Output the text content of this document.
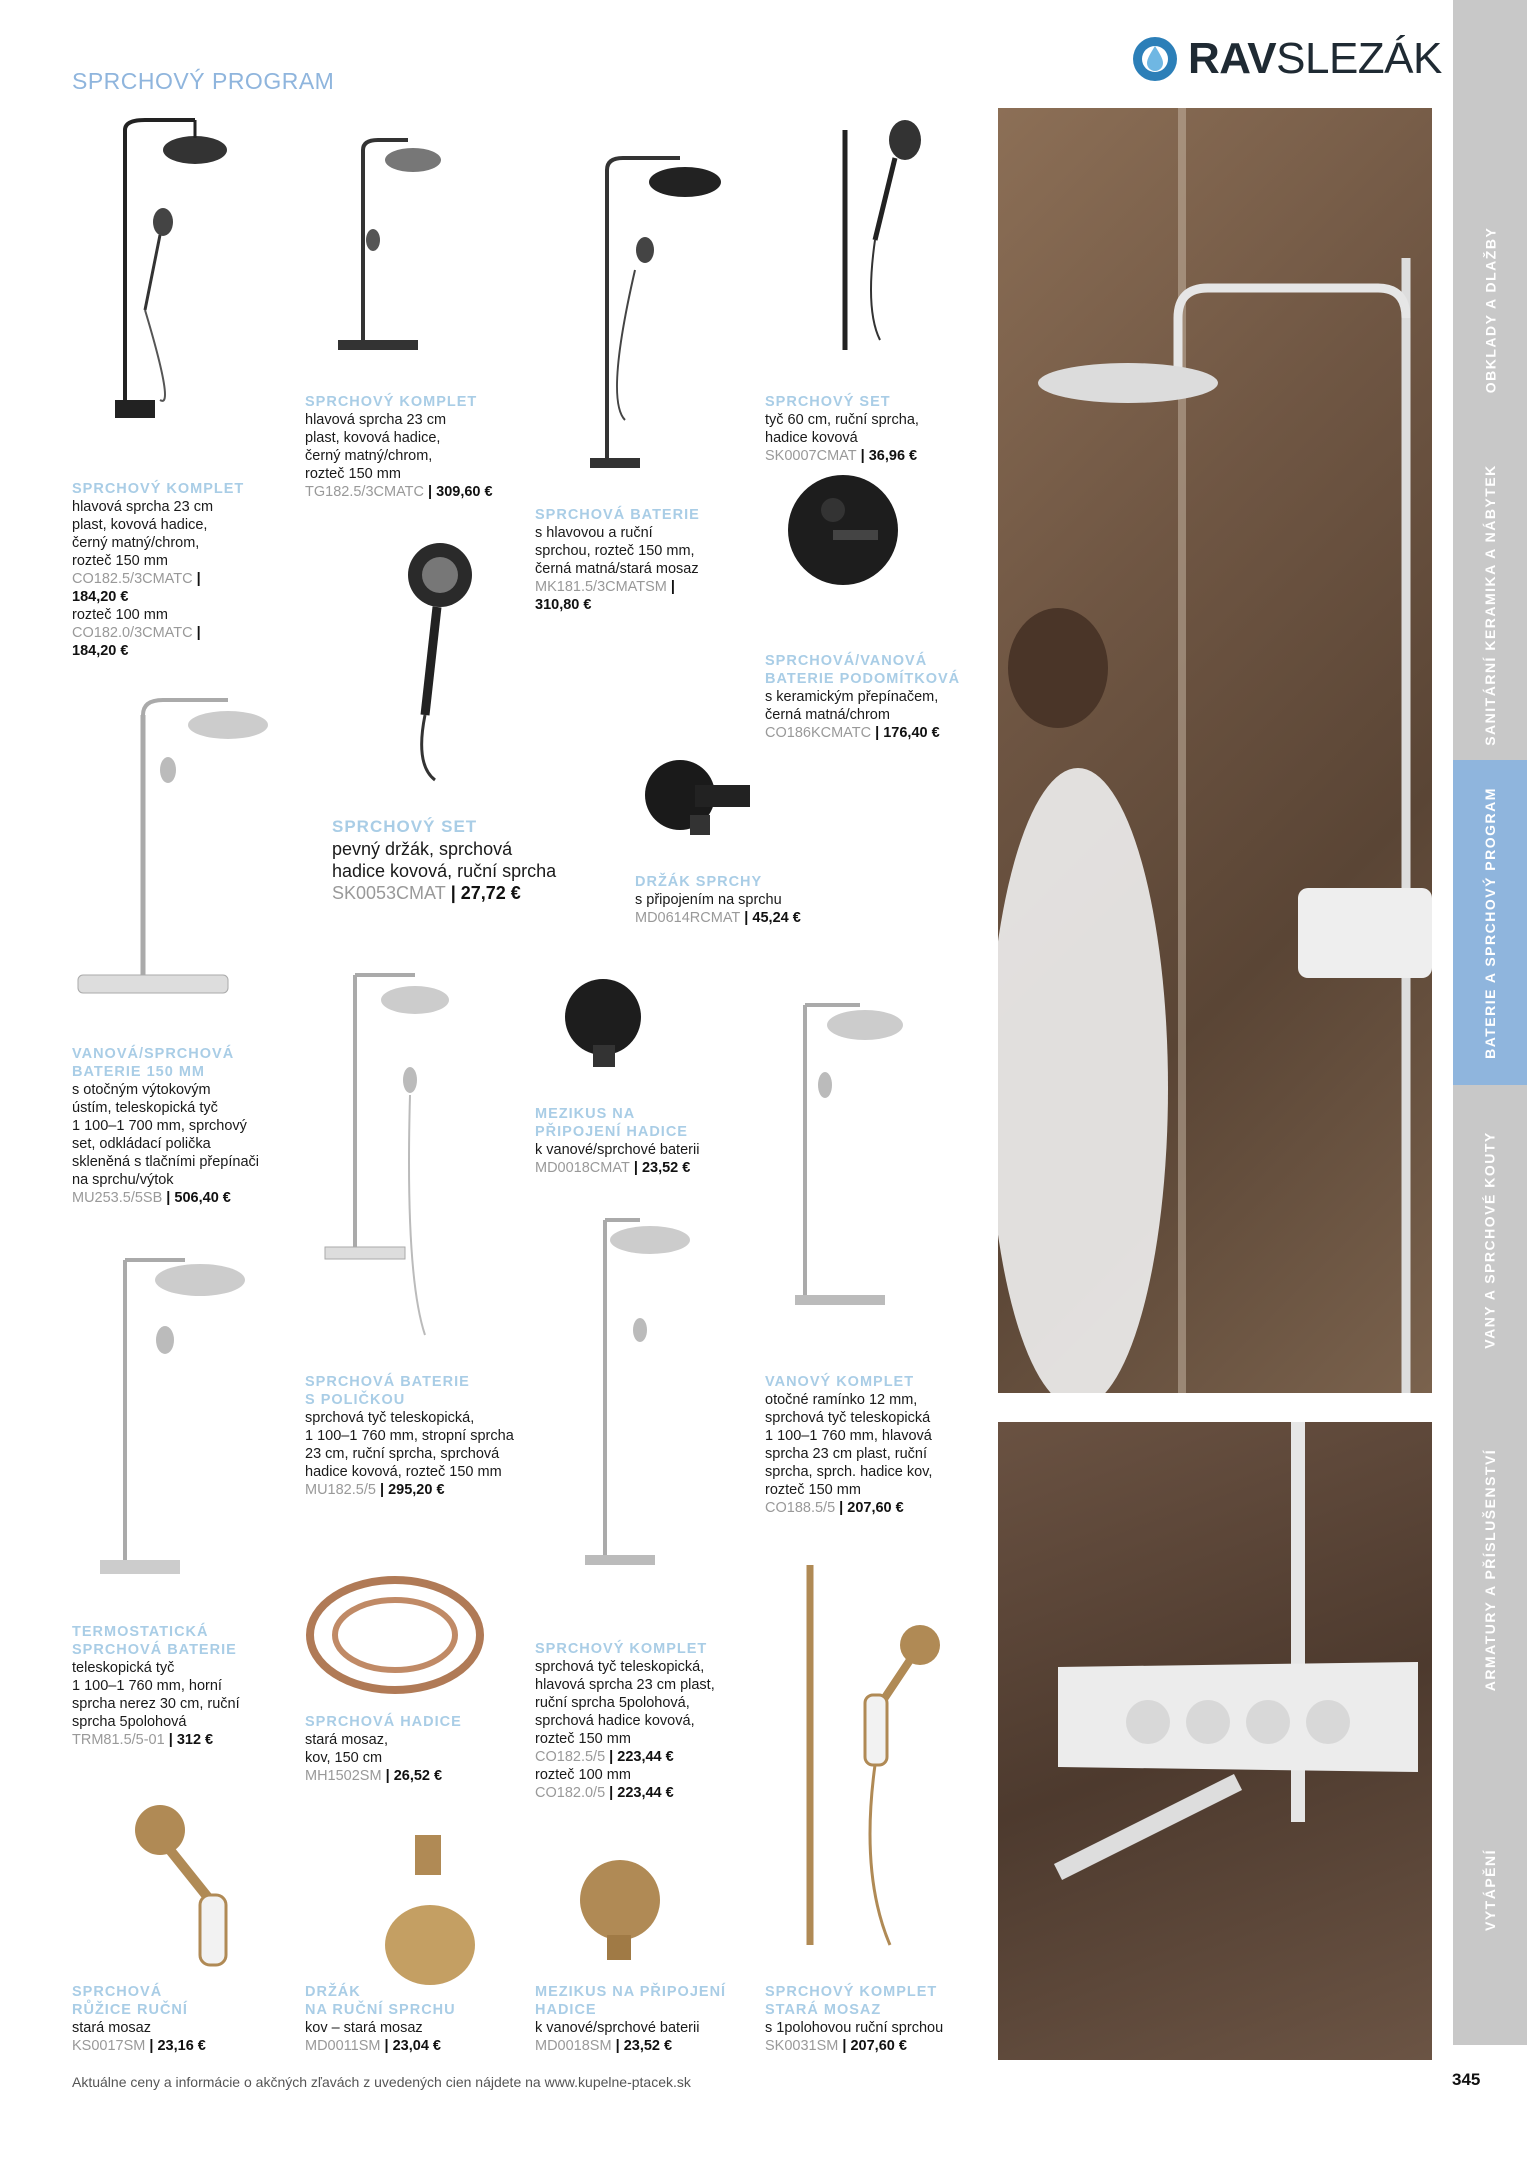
SPRCHOVÝ PROGRAM	RAVSLEZÁK
SPRCHOVÝ KOMPLET
hlavová sprcha 23 cm
plast, kovová hadice,
černý matný/chrom,
rozteč 150 mm
CO182.5/3CMATC |
184,20 €
rozteč 100 mm
CO182.0/3CMATC |
184,20 €
SPRCHOVÝ KOMPLET
hlavová sprcha 23 cm
plast, kovová hadice,
černý matný/chrom,
rozteč 150 mm
TG182.5/3CMATC | 309,60 €
SPRCHOVÁ BATERIE
s hlavovou a ruční
sprchou, rozteč 150 mm,
černá matná/stará mosaz
MK181.5/3CMATSM |
310,80 €
SPRCHOVÝ SET
tyč 60 cm, ruční sprcha,
hadice kovová
SK0007CMAT | 36,96 €
SPRCHOVÁ/VANOVÁ
BATERIE PODOMÍTKOVÁ
s keramickým přepínačem,
černá matná/chrom
CO186KCMATC | 176,40 €
SPRCHOVÝ SET
pevný držák, sprchová
hadice kovová, ruční sprcha
SK0053CMAT | 27,72 €
DRŽÁK SPRCHY
s připojením na sprchu
MD0614RCMAT | 45,24 €
VANOVÁ/SPRCHOVÁ
BATERIE 150 MM
s otočným výtokovým
ústím, teleskopická tyč
1 100–1 700 mm, sprchový
set, odkládací polička
skleněná s tlačními přepínači
na sprchu/výtok
MU253.5/5SB | 506,40 €
MEZIKUS NA
PŘIPOJENÍ HADICE
k vanové/sprchové baterii
MD0018CMAT | 23,52 €
SPRCHOVÁ BATERIE
S POLIČKOU
sprchová tyč teleskopická,
1 100–1 760 mm, stropní sprcha
23 cm, ruční sprcha, sprchová
hadice kovová, rozteč 150 mm
MU182.5/5 | 295,20 €
VANOVÝ KOMPLET
otočné ramínko 12 mm,
sprchová tyč teleskopická
1 100–1 760 mm, hlavová
sprcha 23 cm plast, ruční
sprcha, sprch. hadice kov,
rozteč 150 mm
CO188.5/5 | 207,60 €
TERMOSTATICKÁ
SPRCHOVÁ BATERIE
teleskopická tyč
1 100–1 760 mm, horní
sprcha nerez 30 cm, ruční
sprcha 5polohová
TRM81.5/5-01 | 312 €
SPRCHOVÁ HADICE
stará mosaz,
kov, 150 cm
MH1502SM | 26,52 €
SPRCHOVÝ KOMPLET
sprchová tyč teleskopická,
hlavová sprcha 23 cm plast,
ruční sprcha 5polohová,
sprchová hadice kovová,
rozteč 150 mm
CO182.5/5 | 223,44 €
rozteč 100 mm
CO182.0/5 | 223,44 €
SPRCHOVÁ
RŮŽICE RUČNÍ
stará mosaz
KS0017SM | 23,16 €
DRŽÁK
NA RUČNÍ SPRCHU
kov – stará mosaz
MD0011SM | 23,04 €
MEZIKUS NA PŘIPOJENÍ
HADICE
k vanové/sprchové baterii
MD0018SM | 23,52 €
SPRCHOVÝ KOMPLET
STARÁ MOSAZ
s 1polohovou ruční sprchou
SK0031SM | 207,60 €
OBKLADY A DLAŽBY
SANITÁRNÍ KERAMIKA A NÁBYTEK
BATERIE A SPRCHOVÝ PROGRAM
VANY A SPRCHOVÉ KOUTY
ARMATURY A PŘÍSLUŠENSTVÍ
VYTÁPĚNÍ
Aktuálne ceny a informácie o akčných zľavách z uvedených cien nájdete na www.kupelne-ptacek.sk	345
